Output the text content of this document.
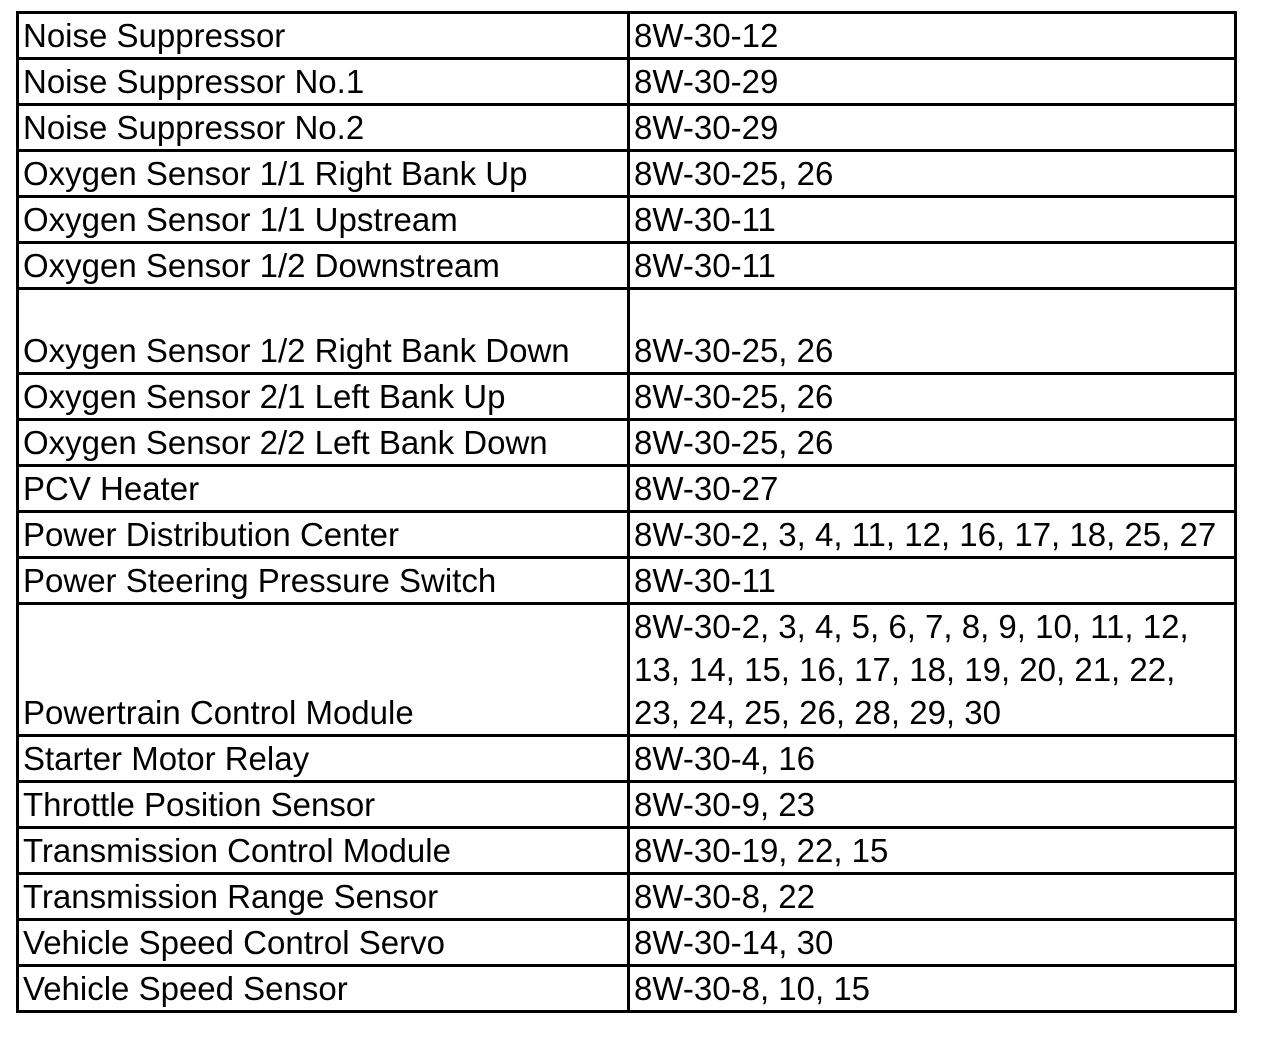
Noise Suppressor	8W-30-12
Noise Suppressor No.1	8W-30-29
Noise Suppressor No.2	8W-30-29
Oxygen Sensor 1/1 Right Bank Up	8W-30-25, 26
Oxygen Sensor 1/1 Upstream	8W-30-11
Oxygen Sensor 1/2 Downstream	8W-30-11
Oxygen Sensor 1/2 Right Bank Down	8W-30-25, 26
Oxygen Sensor 2/1 Left Bank Up	8W-30-25, 26
Oxygen Sensor 2/2 Left Bank Down	8W-30-25, 26
PCV Heater	8W-30-27
Power Distribution Center	8W-30-2, 3, 4, 11, 12, 16, 17, 18, 25, 27
Power Steering Pressure Switch	8W-30-11
Powertrain Control Module	8W-30-2, 3, 4, 5, 6, 7, 8, 9, 10, 11, 12, 13, 14, 15, 16, 17, 18, 19, 20, 21, 22, 23, 24, 25, 26, 28, 29, 30
Starter Motor Relay	8W-30-4, 16
Throttle Position Sensor	8W-30-9, 23
Transmission Control Module	8W-30-19, 22, 15
Transmission Range Sensor	8W-30-8, 22
Vehicle Speed Control Servo	8W-30-14, 30
Vehicle Speed Sensor	8W-30-8, 10, 15
